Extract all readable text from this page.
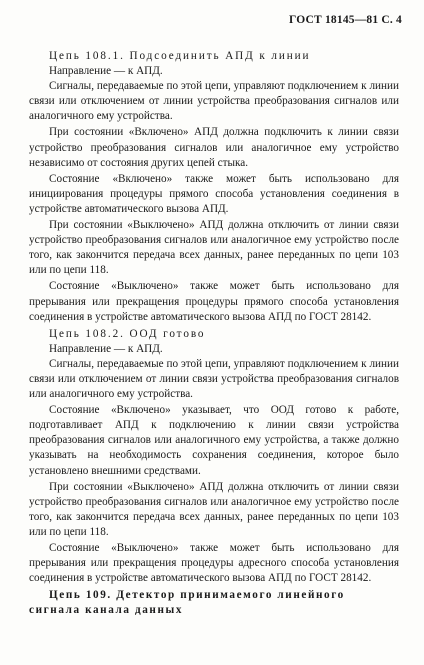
ГОСТ 18145—81 С. 4

Цепь 108.1. Подсоединить АПД к линии

Направление — к АПД.

Сигналы, передаваемые по этой цепи, управляют подключением к линии связи или отключением от линии устройства преобразования сигналов или аналогичного ему устройства.

При состоянии «Включено» АПД должна подключить к линии связи устройство преобразования сигналов или аналогичное ему устройство независимо от состояния других цепей стыка.

Состояние «Включено» также может быть использовано для инициирования процедуры прямого способа установления соединения в устройстве автоматического вызова АПД.

При состоянии «Выключено» АПД должна отключить от линии связи устройство преобразования сигналов или аналогичное ему устройство после того, как закончится передача всех данных, ранее переданных по цепи 103 или по цепи 118.

Состояние «Выключено» также может быть использовано для прерывания или прекращения процедуры прямого способа установления соединения в устройстве автоматического вызова АПД по ГОСТ 28142.

Цепь 108.2. ООД готово

Направление — к АПД.

Сигналы, передаваемые по этой цепи, управляют подключением к линии связи или отключением от линии связи устройства преобразования сигналов или аналогичного ему устройства.

Состояние «Включено» указывает, что ООД готово к работе, подготавливает АПД к подключению к линии связи устройства преобразования сигналов или аналогичного ему устройства, а также должно указывать на необходимость сохранения соединения, которое было установлено внешними средствами.

При состоянии «Выключено» АПД должна отключить от линии связи устройство преобразования сигналов или аналогичное ему устройство после того, как закончится передача всех данных, ранее переданных по цепи 103 или по цепи 118.

Состояние «Выключено» также может быть использовано для прерывания или прекращения процедуры адресного способа установления соединения в устройстве автоматического вызова АПД по ГОСТ 28142.

Цепь 109. Детектор принимаемого линейного сигнала канала данных
